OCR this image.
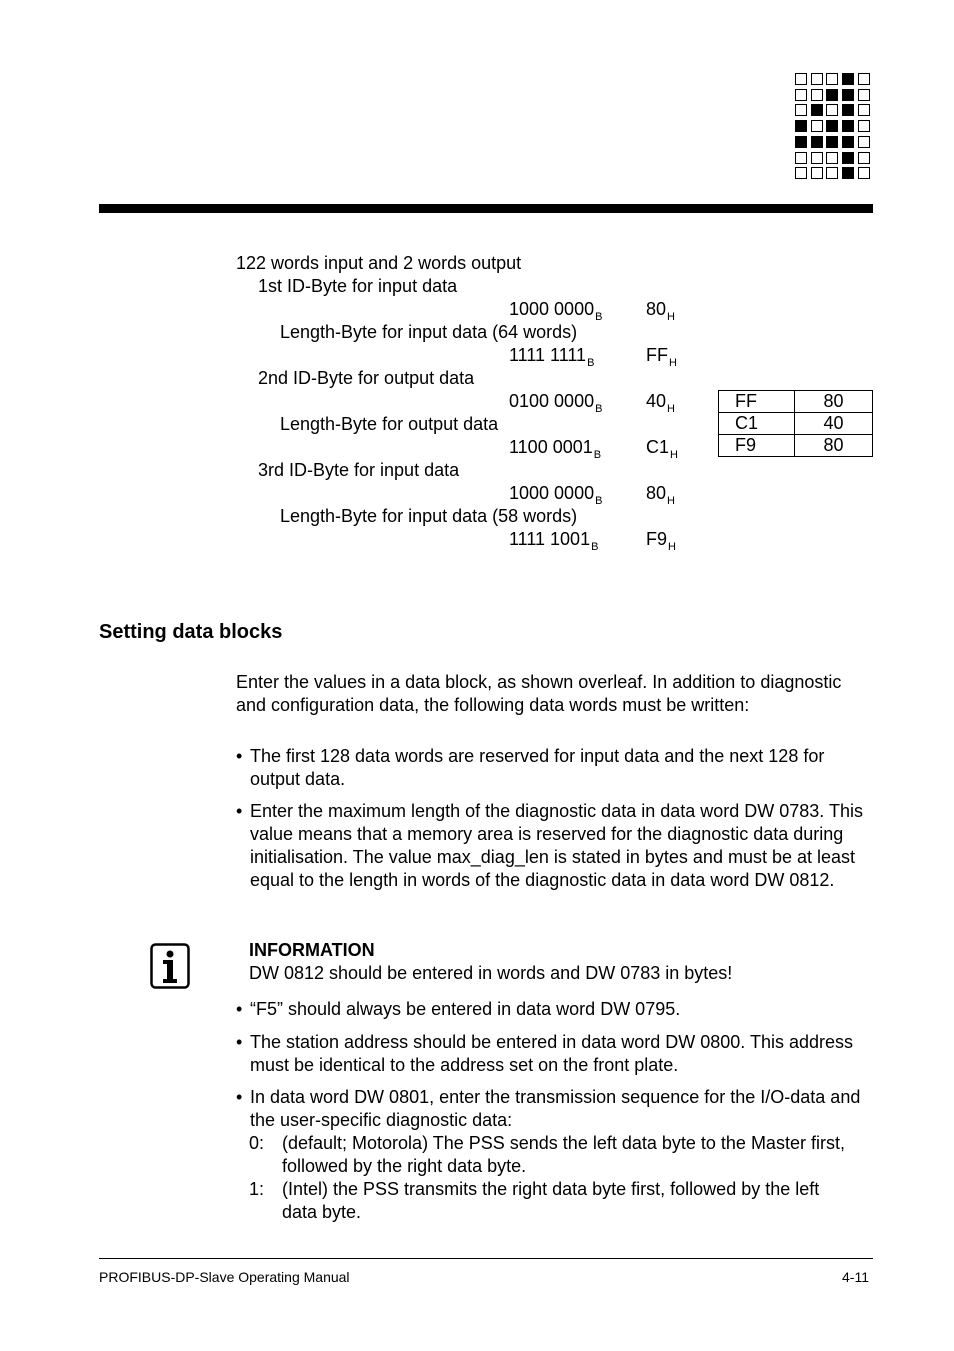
122 words input and 2 words output
1st ID-Byte for input data
1000 $0000_B$ $80_H$
Length-Byte for input data (64 words)
1111 $1111_B$	$FF_H$
2nd ID-Byte for output data
0100 $0000_B$ $40_H$
Length-Byte for output data
1100 $0001_B$ $C1_H$
3rd ID-Byte for input data
1000 $0000_B$ $80_H$
Length-Byte for input data (58 words)
1111 $1001_B$	$F9_H$
FF	80
C1	40
F9	80
Setting data blocks
Enter the values in a data block, as shown overleaf. In addition to diagnostic and configuration data, the following data words must be written:
• The first 128 data words are reserved for input data and the next 128 for output data.
• Enter the maximum length of the diagnostic data in data word DW 0783. This value means that a memory area is reserved for the diagnostic data during initialisation. The value max_diag_len is stated in bytes and must be at least equal to the length in words of the diagnostic data in data word DW 0812.
INFORMATION
DW 0812 should be entered in words and DW 0783 in bytes!
• “F5” should always be entered in data word DW 0795.
• The station address should be entered in data word DW 0800. This address must be identical to the address set on the front plate.
• In data word DW 0801, enter the transmission sequence for the I/O-data and the user-specific diagnostic data:
0: (default; Motorola) The PSS sends the left data byte to the Master first, followed by the right data byte.
1: (Intel) the PSS transmits the right data byte first, followed by the left data byte.
PROFIBUS-DP-Slave Operating Manual	4-11
